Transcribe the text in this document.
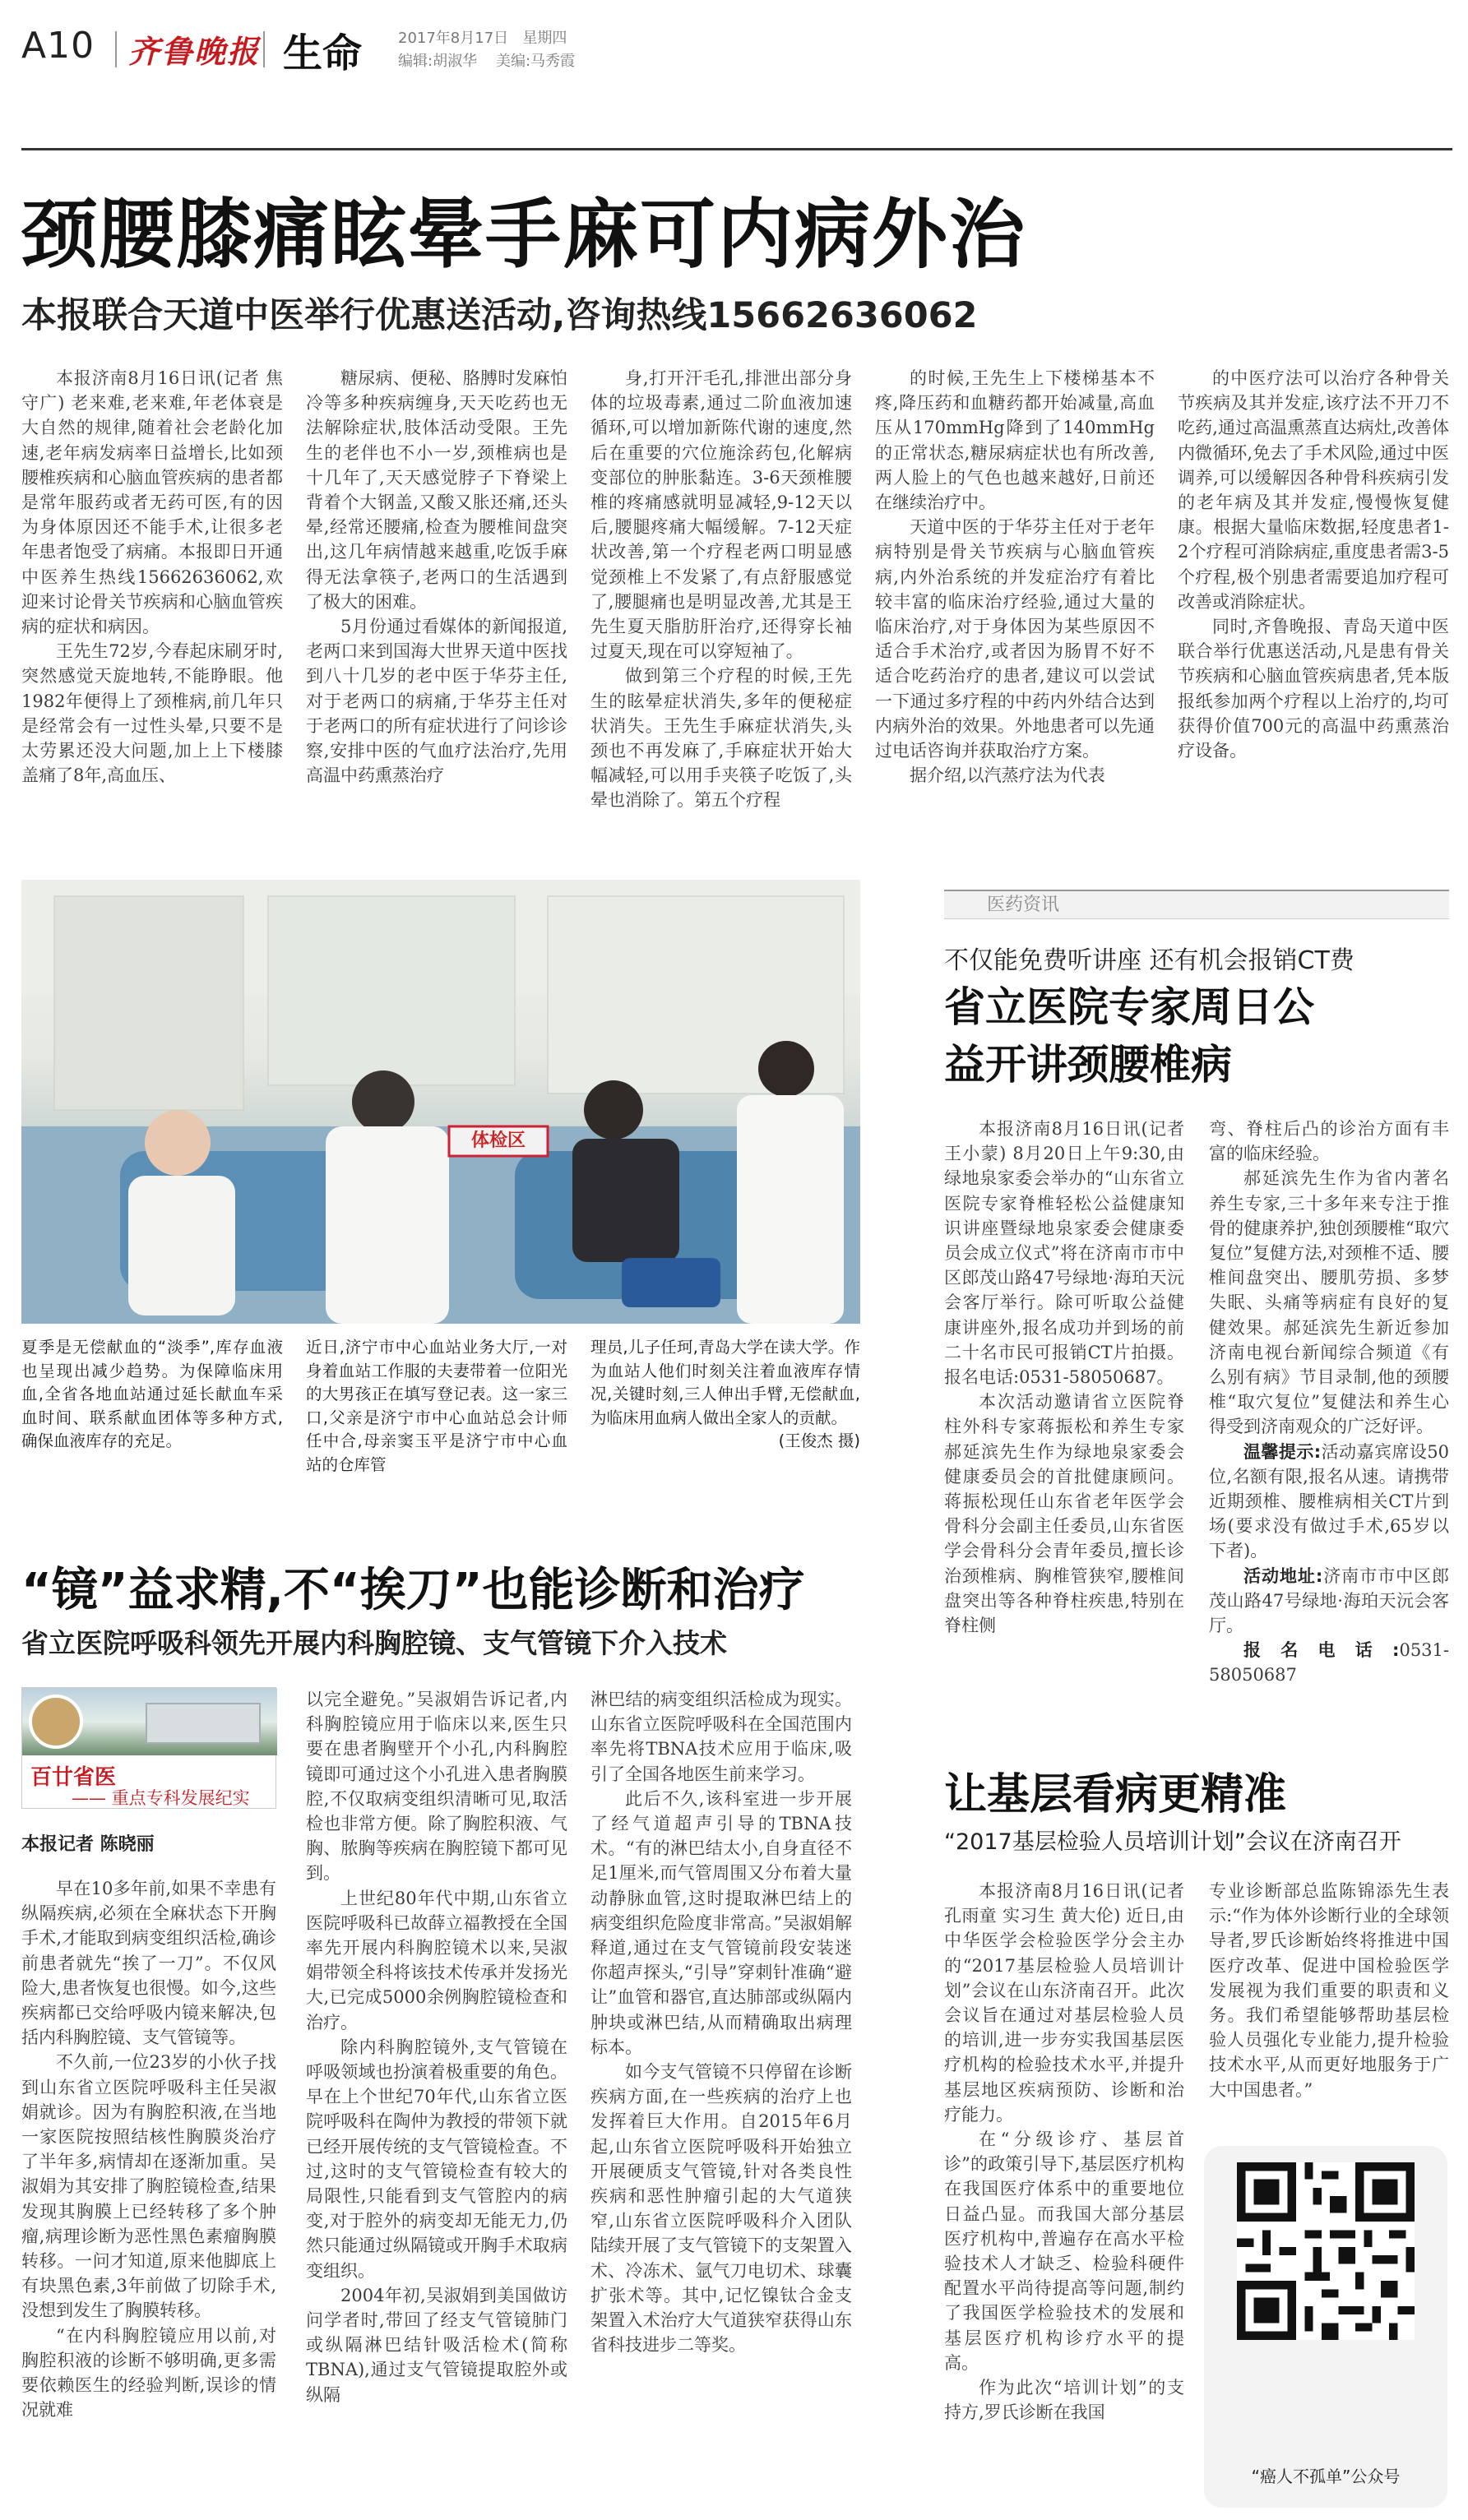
A10 齐鲁晚报 生命 2017年8月17日 星期四
编辑:胡淑华 美编:马秀霞
颈腰膝痛眩晕手麻可内病外治
本报联合天道中医举行优惠送活动,咨询热线15662636062

本报济南8月16日讯(记者 焦守广) 老来难,老来难,年老体衰是大自然的规律,随着社会老龄化加速,老年病发病率日益增长,比如颈腰椎疾病和心脑血管疾病的患者都是常年服药或者无药可医,有的因为身体原因还不能手术,让很多老年患者饱受了病痛。本报即日开通中医养生热线15662636062,欢迎来讨论骨关节疾病和心脑血管疾病的症状和病因。

王先生72岁,今春起床刷牙时,突然感觉天旋地转,不能睁眼。他1982年便得上了颈椎病,前几年只是经常会有一过性头晕,只要不是太劳累还没大问题,加上上下楼膝盖痛了8年,高血压、

糖尿病、便秘、胳膊时发麻怕冷等多种疾病缠身,天天吃药也无法解除症状,肢体活动受限。王先生的老伴也不小一岁,颈椎病也是十几年了,天天感觉脖子下脊梁上背着个大钢盖,又酸又胀还痛,还头晕,经常还腰痛,检查为腰椎间盘突出,这几年病情越来越重,吃饭手麻得无法拿筷子,老两口的生活遇到了极大的困难。

5月份通过看媒体的新闻报道,老两口来到国海大世界天道中医找到八十几岁的老中医于华芬主任,对于老两口的病痛,于华芬主任对于老两口的所有症状进行了问诊诊察,安排中医的气血疗法治疗,先用高温中药熏蒸治疗

身,打开汗毛孔,排泄出部分身体的垃圾毒素,通过二阶血液加速循环,可以增加新陈代谢的速度,然后在重要的穴位施涂药包,化解病变部位的肿胀黏连。3-6天颈椎腰椎的疼痛感就明显减轻,9-12天以后,腰腿疼痛大幅缓解。7-12天症状改善,第一个疗程老两口明显感觉颈椎上不发紧了,有点舒服感觉了,腰腿痛也是明显改善,尤其是王先生夏天脂肪肝治疗,还得穿长袖过夏天,现在可以穿短袖了。

做到第三个疗程的时候,王先生的眩晕症状消失,多年的便秘症状消失。王先生手麻症状消失,头颈也不再发麻了,手麻症状开始大幅减轻,可以用手夹筷子吃饭了,头晕也消除了。第五个疗程

的时候,王先生上下楼梯基本不疼,降压药和血糖药都开始减量,高血压从170mmHg降到了140mmHg的正常状态,糖尿病症状也有所改善,两人脸上的气色也越来越好,日前还在继续治疗中。

天道中医的于华芬主任对于老年病特别是骨关节疾病与心脑血管疾病,内外治系统的并发症治疗有着比较丰富的临床治疗经验,通过大量的临床治疗,对于身体因为某些原因不适合手术治疗,或者因为肠胃不好不适合吃药治疗的患者,建议可以尝试一下通过多疗程的中药内外结合达到内病外治的效果。外地患者可以先通过电话咨询并获取治疗方案。

据介绍,以汽蒸疗法为代表

的中医疗法可以治疗各种骨关节疾病及其并发症,该疗法不开刀不吃药,通过高温熏蒸直达病灶,改善体内微循环,免去了手术风险,通过中医调养,可以缓解因各种骨科疾病引发的老年病及其并发症,慢慢恢复健康。根据大量临床数据,轻度患者1-2个疗程可消除病症,重度患者需3-5个疗程,极个别患者需要追加疗程可改善或消除症状。

同时,齐鲁晚报、青岛天道中医联合举行优惠送活动,凡是患有骨关节疾病和心脑血管疾病患者,凭本版报纸参加两个疗程以上治疗的,均可获得价值700元的高温中药熏蒸治疗设备。

体检区

夏季是无偿献血的“淡季”,库存血液也呈现出减少趋势。为保障临床用血,全省各地血站通过延长献血车采血时间、联系献血团体等多种方式,确保血液库存的充足。

近日,济宁市中心血站业务大厅,一对身着血站工作服的夫妻带着一位阳光的大男孩正在填写登记表。这一家三口,父亲是济宁市中心血站总会计师任中合,母亲窦玉平是济宁市中心血站的仓库管

理员,儿子任珂,青岛大学在读大学。作为血站人他们时刻关注着血液库存情况,关键时刻,三人伸出手臂,无偿献血,为临床用血病人做出全家人的贡献。

(王俊杰 摄)

医药资讯
不仅能免费听讲座 还有机会报销CT费
省立医院专家周日公益开讲颈腰椎病

本报济南8月16日讯(记者 王小蒙) 8月20日上午9:30,由绿地泉家委会举办的“山东省立医院专家脊椎轻松公益健康知识讲座暨绿地泉家委会健康委员会成立仪式”将在济南市市中区郎茂山路47号绿地·海珀天沅会客厅举行。除可听取公益健康讲座外,报名成功并到场的前二十名市民可报销CT片拍摄。报名电话:0531-58050687。

本次活动邀请省立医院脊柱外科专家蒋振松和养生专家郝延滨先生作为绿地泉家委会健康委员会的首批健康顾问。蒋振松现任山东省老年医学会骨科分会副主任委员,山东省医学会骨科分会青年委员,擅长诊治颈椎病、胸椎管狭窄,腰椎间盘突出等各种脊柱疾患,特别在脊柱侧

弯、脊柱后凸的诊治方面有丰富的临床经验。

郝延滨先生作为省内著名养生专家,三十多年来专注于推骨的健康养护,独创颈腰椎“取穴复位”复健方法,对颈椎不适、腰椎间盘突出、腰肌劳损、多梦失眠、头痛等病症有良好的复健效果。郝延滨先生新近参加济南电视台新闻综合频道《有么别有病》节目录制,他的颈腰椎“取穴复位”复健法和养生心得受到济南观众的广泛好评。

温馨提示:活动嘉宾席设50位,名额有限,报名从速。请携带近期颈椎、腰椎病相关CT片到场(要求没有做过手术,65岁以下者)。

活动地址:济南市市中区郎茂山路47号绿地·海珀天沅会客厅。

报名电话:0531-58050687

“镜”益求精,不“挨刀”也能诊断和治疗
省立医院呼吸科领先开展内科胸腔镜、支气管镜下介入技术
百廿省医
—— 重点专科发展纪实
本报记者 陈晓丽

早在10多年前,如果不幸患有纵隔疾病,必须在全麻状态下开胸手术,才能取到病变组织活检,确诊前患者就先“挨了一刀”。不仅风险大,患者恢复也很慢。如今,这些疾病都已交给呼吸内镜来解决,包括内科胸腔镜、支气管镜等。

不久前,一位23岁的小伙子找到山东省立医院呼吸科主任吴淑娟就诊。因为有胸腔积液,在当地一家医院按照结核性胸膜炎治疗了半年多,病情却在逐渐加重。吴淑娟为其安排了胸腔镜检查,结果发现其胸膜上已经转移了多个肿瘤,病理诊断为恶性黑色素瘤胸膜转移。一问才知道,原来他脚底上有块黑色素,3年前做了切除手术,没想到发生了胸膜转移。

“在内科胸腔镜应用以前,对胸腔积液的诊断不够明确,更多需要依赖医生的经验判断,误诊的情况就难

以完全避免。”吴淑娟告诉记者,内科胸腔镜应用于临床以来,医生只要在患者胸壁开个小孔,内科胸腔镜即可通过这个小孔进入患者胸膜腔,不仅取病变组织清晰可见,取活检也非常方便。除了胸腔积液、气胸、脓胸等疾病在胸腔镜下都可见到。

上世纪80年代中期,山东省立医院呼吸科已故薛立福教授在全国率先开展内科胸腔镜术以来,吴淑娟带领全科将该技术传承并发扬光大,已完成5000余例胸腔镜检查和治疗。

除内科胸腔镜外,支气管镜在呼吸领域也扮演着极重要的角色。早在上个世纪70年代,山东省立医院呼吸科在陶仲为教授的带领下就已经开展传统的支气管镜检查。不过,这时的支气管镜检查有较大的局限性,只能看到支气管腔内的病变,对于腔外的病变却无能无力,仍然只能通过纵隔镜或开胸手术取病变组织。

2004年初,吴淑娟到美国做访问学者时,带回了经支气管镜肺门或纵隔淋巴结针吸活检术(简称TBNA),通过支气管镜提取腔外或纵隔

淋巴结的病变组织活检成为现实。山东省立医院呼吸科在全国范围内率先将TBNA技术应用于临床,吸引了全国各地医生前来学习。

此后不久,该科室进一步开展了经气道超声引导的TBNA技术。“有的淋巴结太小,自身直径不足1厘米,而气管周围又分布着大量动静脉血管,这时提取淋巴结上的病变组织危险度非常高。”吴淑娟解释道,通过在支气管镜前段安装迷你超声探头,“引导”穿刺针准确“避让”血管和器官,直达肺部或纵隔内肿块或淋巴结,从而精确取出病理标本。

如今支气管镜不只停留在诊断疾病方面,在一些疾病的治疗上也发挥着巨大作用。自2015年6月起,山东省立医院呼吸科开始独立开展硬质支气管镜,针对各类良性疾病和恶性肿瘤引起的大气道狭窄,山东省立医院呼吸科介入团队陆续开展了支气管镜下的支架置入术、冷冻术、氩气刀电切术、球囊扩张术等。其中,记忆镍钛合金支架置入术治疗大气道狭窄获得山东省科技进步二等奖。

让基层看病更精准
“2017基层检验人员培训计划”会议在济南召开

本报济南8月16日讯(记者 孔雨童 实习生 黄大伦) 近日,由中华医学会检验医学分会主办的“2017基层检验人员培训计划”会议在山东济南召开。此次会议旨在通过对基层检验人员的培训,进一步夯实我国基层医疗机构的检验技术水平,并提升基层地区疾病预防、诊断和治疗能力。

在“分级诊疗、基层首诊”的政策引导下,基层医疗机构在我国医疗体系中的重要地位日益凸显。而我国大部分基层医疗机构中,普遍存在高水平检验技术人才缺乏、检验科硬件配置水平尚待提高等问题,制约了我国医学检验技术的发展和基层医疗机构诊疗水平的提高。

作为此次“培训计划”的支持方,罗氏诊断在我国

专业诊断部总监陈锦添先生表示:“作为体外诊断行业的全球领导者,罗氏诊断始终将推进中国医疗改革、促进中国检验医学发展视为我们重要的职责和义务。我们希望能够帮助基层检验人员强化专业能力,提升检验技术水平,从而更好地服务于广大中国患者。”

“癌人不孤单”公众号
